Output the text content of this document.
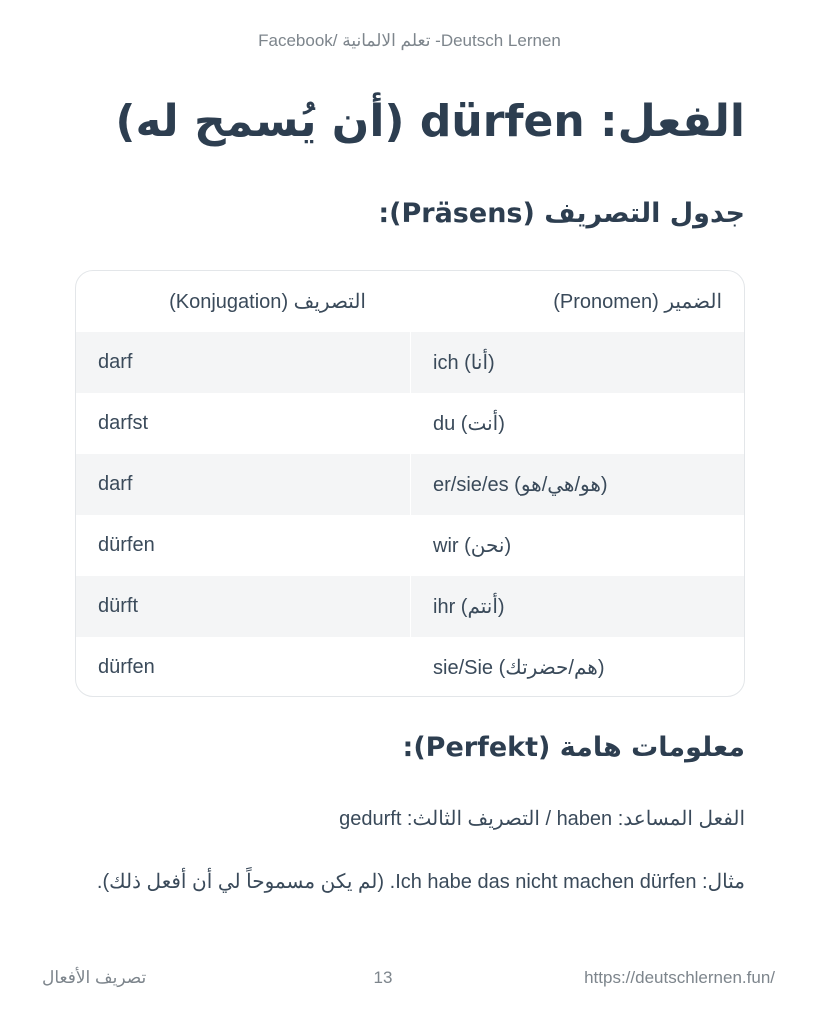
Facebook/ تعلم الالمانية -Deutsch Lernen
الفعل: dürfen (أن يُسمح له)
جدول التصريف (Präsens):
التصريف (Konjugation)	الضمير (Pronomen)
darf	ich (أنا)
darfst	du (أنت)
darf	er/sie/es (هو/هي/هو)
dürfen	wir (نحن)
dürft	ihr (أنتم)
dürfen	sie/Sie (هم/حضرتك)
معلومات هامة (Perfekt):
الفعل المساعد: haben / التصريف الثالث: gedurft
مثال: Ich habe das nicht machen dürfen. (لم يكن مسموحاً لي أن أفعل ذلك).
تصريف الأفعال	13	https://deutschlernen.fun/
